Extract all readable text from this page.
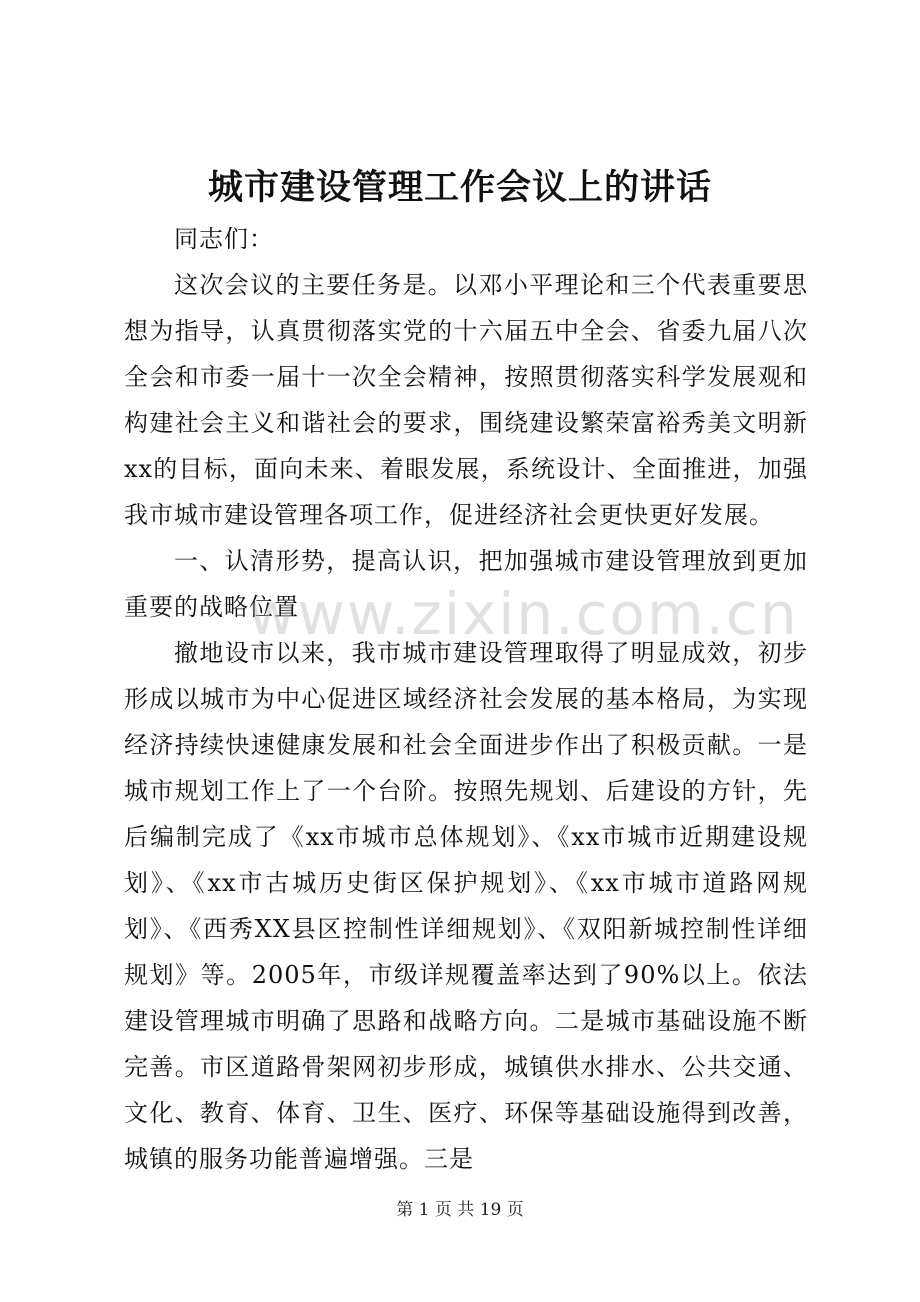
城市建设管理工作会议上的讲话

同志们：

这次会议的主要任务是。以邓小平理论和三个代表重要思想为指导，认真贯彻落实党的十六届五中全会、省委九届八次全会和市委一届十一次全会精神，按照贯彻落实科学发展观和构建社会主义和谐社会的要求，围绕建设繁荣富裕秀美文明新xx的目标，面向未来、着眼发展，系统设计、全面推进，加强我市城市建设管理各项工作，促进经济社会更快更好发展。

一、认清形势，提高认识，把加强城市建设管理放到更加重要的战略位置

撤地设市以来，我市城市建设管理取得了明显成效，初步形成以城市为中心促进区域经济社会发展的基本格局，为实现经济持续快速健康发展和社会全面进步作出了积极贡献。一是城市规划工作上了一个台阶。按照先规划、后建设的方针，先后编制完成了《xx市城市总体规划》、《xx市城市近期建设规划》、《xx市古城历史街区保护规划》、《xx市城市道路网规划》、《西秀XX县区控制性详细规划》、《双阳新城控制性详细规划》等。2005年，市级详规覆盖率达到了90%以上。依法建设管理城市明确了思路和战略方向。二是城市基础设施不断完善。市区道路骨架网初步形成，城镇供水排水、公共交通、文化、教育、体育、卫生、医疗、环保等基础设施得到改善，城镇的服务功能普遍增强。三是

www.zixin.com.cn
第 1 页 共 19 页
